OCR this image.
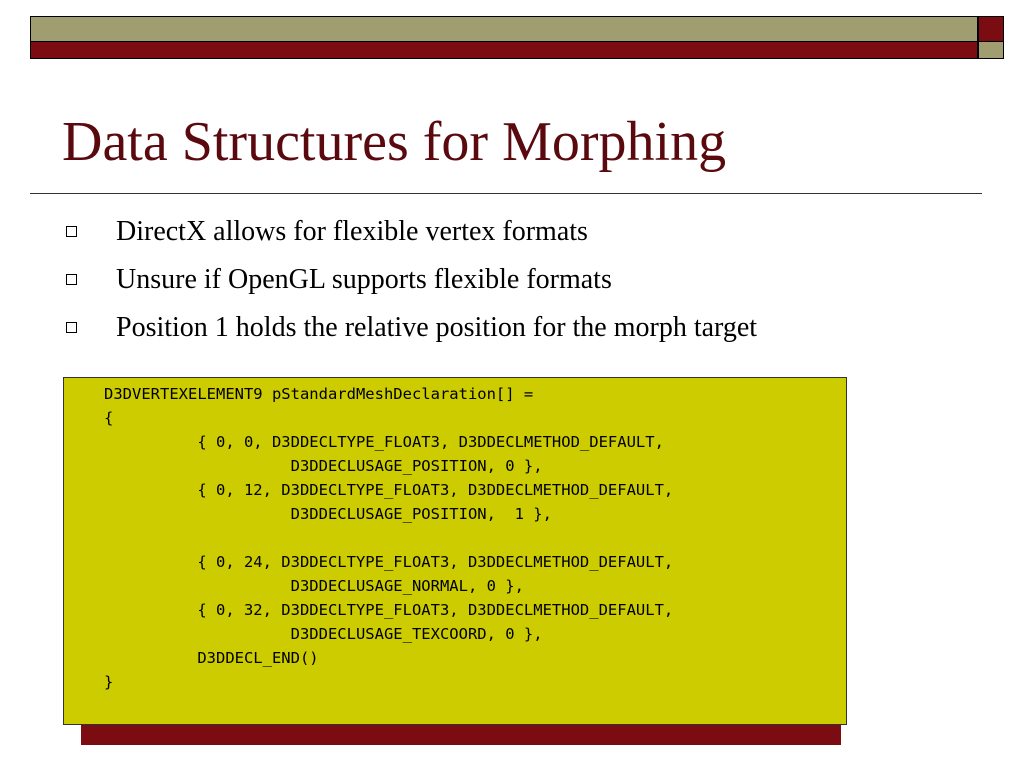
Data Structures for Morphing
DirectX allows for flexible vertex formats
Unsure if OpenGL supports flexible formats
Position 1 holds the relative position for the morph target
D3DVERTEXELEMENT9 pStandardMeshDeclaration[] =
{
{ 0, 0, D3DDECLTYPE_FLOAT3, D3DDECLMETHOD_DEFAULT,
D3DDECLUSAGE_POSITION, 0 },
{ 0, 12, D3DDECLTYPE_FLOAT3, D3DDECLMETHOD_DEFAULT,
D3DDECLUSAGE_POSITION,  1 },

{ 0, 24, D3DDECLTYPE_FLOAT3, D3DDECLMETHOD_DEFAULT,
D3DDECLUSAGE_NORMAL, 0 },
{ 0, 32, D3DDECLTYPE_FLOAT3, D3DDECLMETHOD_DEFAULT,
D3DDECLUSAGE_TEXCOORD, 0 },
D3DDECL_END()
}
